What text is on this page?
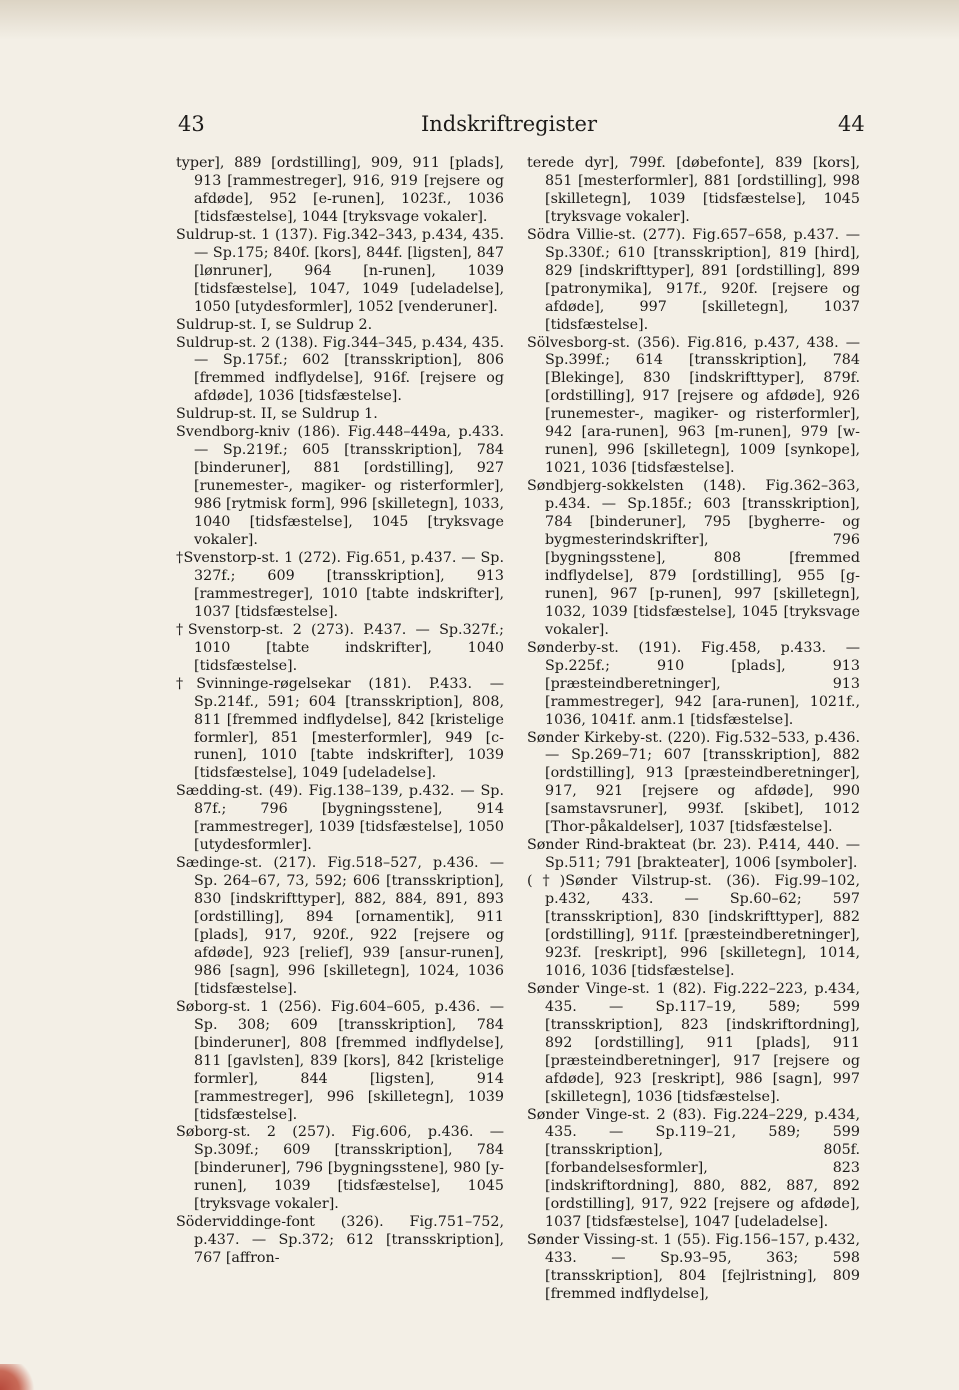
43	Indskriftregister	44

typer], 889 [ordstilling], 909, 911 [plads], 913 [rammestreger], 916, 919 [rejsere og afdøde], 952 [e-runen], 1023f., 1036 [tidsfæstelse], 1044 [tryksvage vokaler].

Suldrup-st. 1 (137). Fig.342–343, p.434, 435. — Sp.175; 840f. [kors], 844f. [ligsten], 847 [lønruner], 964 [n-runen], 1039 [tidsfæstelse], 1047, 1049 [udeladelse], 1050 [utydesformler], 1052 [venderuner].

Suldrup-st. I, se Suldrup 2.

Suldrup-st. 2 (138). Fig.344–345, p.434, 435. — Sp.175f.; 602 [transskription], 806 [fremmed indflydelse], 916f. [rejsere og afdøde], 1036 [tidsfæstelse].

Suldrup-st. II, se Suldrup 1.

Svendborg-kniv (186). Fig.448–449a, p.433. — Sp.219f.; 605 [transskription], 784 [binderuner], 881 [ordstilling], 927 [runemester-, magiker- og risterformler], 986 [rytmisk form], 996 [skilletegn], 1033, 1040 [tidsfæstelse], 1045 [tryksvage vokaler].

†Svenstorp-st. 1 (272). Fig.651, p.437. — Sp. 327f.; 609 [transskription], 913 [rammestreger], 1010 [tabte indskrifter], 1037 [tidsfæstelse].

†Svenstorp-st. 2 (273). P.437. — Sp.327f.; 1010 [tabte indskrifter], 1040 [tidsfæstelse].

†Svinninge-røgelsekar (181). P.433. — Sp.214f., 591; 604 [transskription], 808, 811 [fremmed indflydelse], 842 [kristelige formler], 851 [mesterformler], 949 [c-runen], 1010 [tabte indskrifter], 1039 [tidsfæstelse], 1049 [udeladelse].

Sædding-st. (49). Fig.138–139, p.432. — Sp. 87f.; 796 [bygningsstene], 914 [rammestreger], 1039 [tidsfæstelse], 1050 [utydesformler].

Sædinge-st. (217). Fig.518–527, p.436. — Sp. 264–67, 73, 592; 606 [transskription], 830 [indskrifttyper], 882, 884, 891, 893 [ordstilling], 894 [ornamentik], 911 [plads], 917, 920f., 922 [rejsere og afdøde], 923 [relief], 939 [ansur-runen], 986 [sagn], 996 [skilletegn], 1024, 1036 [tidsfæstelse].

Søborg-st. 1 (256). Fig.604–605, p.436. — Sp. 308; 609 [transskription], 784 [binderuner], 808 [fremmed indflydelse], 811 [gavlsten], 839 [kors], 842 [kristelige formler], 844 [ligsten], 914 [rammestreger], 996 [skilletegn], 1039 [tidsfæstelse].

Søborg-st. 2 (257). Fig.606, p.436. — Sp.309f.; 609 [transskription], 784 [binderuner], 796 [bygningsstene], 980 [y-runen], 1039 [tidsfæstelse], 1045 [tryksvage vokaler].

Söderviddinge-font (326). Fig.751–752, p.437. — Sp.372; 612 [transskription], 767 [affron-

terede dyr], 799f. [døbefonte], 839 [kors], 851 [mesterformler], 881 [ordstilling], 998 [skilletegn], 1039 [tidsfæstelse], 1045 [tryksvage vokaler].

Södra Villie-st. (277). Fig.657–658, p.437. — Sp.330f.; 610 [transskription], 819 [hird], 829 [indskrifttyper], 891 [ordstilling], 899 [patronymika], 917f., 920f. [rejsere og afdøde], 997 [skilletegn], 1037 [tidsfæstelse].

Sölvesborg-st. (356). Fig.816, p.437, 438. — Sp.399f.; 614 [transskription], 784 [Blekinge], 830 [indskrifttyper], 879f. [ordstilling], 917 [rejsere og afdøde], 926 [runemester-, magiker- og risterformler], 942 [ara-runen], 963 [m-runen], 979 [w-runen], 996 [skilletegn], 1009 [synkope], 1021, 1036 [tidsfæstelse].

Søndbjerg-sokkelsten (148). Fig.362–363, p.434. — Sp.185f.; 603 [transskription], 784 [binderuner], 795 [bygherre- og bygmesterindskrifter], 796 [bygningsstene], 808 [fremmed indflydelse], 879 [ordstilling], 955 [g-runen], 967 [p-runen], 997 [skilletegn], 1032, 1039 [tidsfæstelse], 1045 [tryksvage vokaler].

Sønderby-st. (191). Fig.458, p.433. — Sp.225f.; 910 [plads], 913 [præsteindberetninger], 913 [rammestreger], 942 [ara-runen], 1021f., 1036, 1041f. anm.1 [tidsfæstelse].

Sønder Kirkeby-st. (220). Fig.532–533, p.436. — Sp.269–71; 607 [transskription], 882 [ordstilling], 913 [præsteindberetninger], 917, 921 [rejsere og afdøde], 990 [samstavsruner], 993f. [skibet], 1012 [Thor-påkaldelser], 1037 [tidsfæstelse].

Sønder Rind-brakteat (br. 23). P.414, 440. — Sp.511; 791 [brakteater], 1006 [symboler].

(†)Sønder Vilstrup-st. (36). Fig.99–102, p.432, 433. — Sp.60–62; 597 [transskription], 830 [indskrifttyper], 882 [ordstilling], 911f. [præsteindberetninger], 923f. [reskript], 996 [skilletegn], 1014, 1016, 1036 [tidsfæstelse].

Sønder Vinge-st. 1 (82). Fig.222–223, p.434, 435. — Sp.117–19, 589; 599 [transskription], 823 [indskriftordning], 892 [ordstilling], 911 [plads], 911 [præsteindberetninger], 917 [rejsere og afdøde], 923 [reskript], 986 [sagn], 997 [skilletegn], 1036 [tidsfæstelse].

Sønder Vinge-st. 2 (83). Fig.224–229, p.434, 435. — Sp.119–21, 589; 599 [transskription], 805f. [forbandelsesformler], 823 [indskriftordning], 880, 882, 887, 892 [ordstilling], 917, 922 [rejsere og afdøde], 1037 [tidsfæstelse], 1047 [udeladelse].

Sønder Vissing-st. 1 (55). Fig.156–157, p.432, 433. — Sp.93–95, 363; 598 [transskription], 804 [fejlristning], 809 [fremmed indflydelse],
